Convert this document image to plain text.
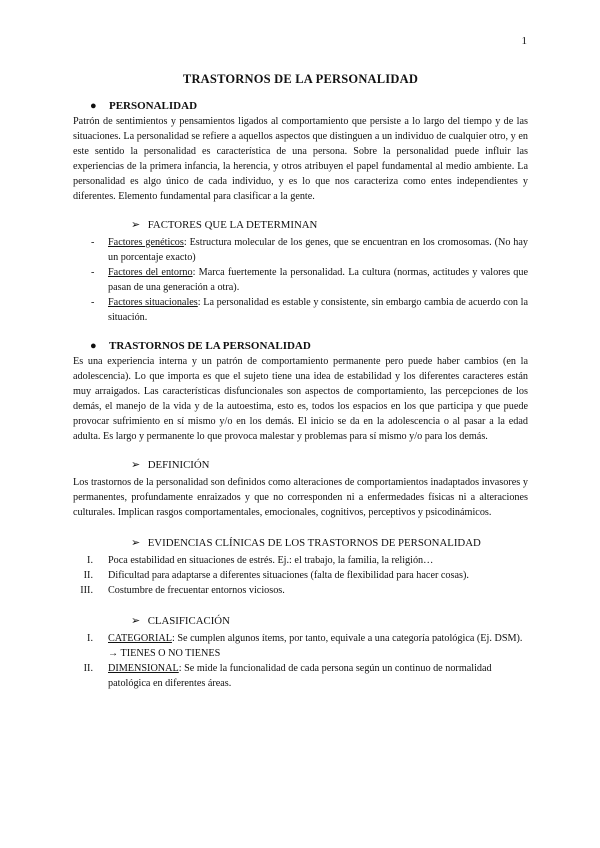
1
TRASTORNOS DE LA PERSONALIDAD
● PERSONALIDAD

Patrón de sentimientos y pensamientos ligados al comportamiento que persiste a lo largo del tiempo y de las situaciones. La personalidad se refiere a aquellos aspectos que distinguen a un individuo de cualquier otro, y en este sentido la personalidad es característica de una persona. Sobre la personalidad puede influir las experiencias de la primera infancia, la herencia, y otros atribuyen el papel fundamental al medio ambiente. La personalidad es algo único de cada individuo, y es lo que nos caracteriza como entes independientes y diferentes. Elemento fundamental para clasificar a la gente.

➢ FACTORES QUE LA DETERMINAN
- Factores genéticos: Estructura molecular de los genes, que se encuentran en los cromosomas. (No hay un porcentaje exacto)
- Factores del entorno: Marca fuertemente la personalidad. La cultura (normas, actitudes y valores que pasan de una generación a otra).
- Factores situacionales: La personalidad es estable y consistente, sin embargo cambia de acuerdo con la situación.
● TRASTORNOS DE LA PERSONALIDAD

Es una experiencia interna y un patrón de comportamiento permanente pero puede haber cambios (en la adolescencia). Lo que importa es que el sujeto tiene una idea de estabilidad y los diferentes caracteres están muy arraigados. Las características disfuncionales son aspectos de comportamiento, las percepciones de los demás, el manejo de la vida y de la autoestima, esto es, todos los espacios en los que participa y que puede provocar sufrimiento en sí mismo y/o en los demás. El inicio se da en la adolescencia o al pasar a la edad adulta. Es largo y permanente lo que provoca malestar y problemas para sí mismo y/o para los demás.

➢ DEFINICIÓN

Los trastornos de la personalidad son definidos como alteraciones de comportamientos inadaptados invasores y permanentes, profundamente enraizados y que no corresponden ni a enfermedades físicas ni a alteraciones culturales. Implican rasgos comportamentales, emocionales, cognitivos, perceptivos y psicodinámicos.

➢ EVIDENCIAS CLÍNICAS DE LOS TRASTORNOS DE PERSONALIDAD
I. Poca estabilidad en situaciones de estrés. Ej.: el trabajo, la familia, la religión…
II. Dificultad para adaptarse a diferentes situaciones (falta de flexibilidad para hacer cosas).
III. Costumbre de frecuentar entornos viciosos.
➢ CLASIFICACIÓN
I. CATEGORIAL: Se cumplen algunos ítems, por tanto, equivale a una categoría patológica (Ej. DSM). → TIENES O NO TIENES
II. DIMENSIONAL: Se mide la funcionalidad de cada persona según un continuo de normalidad patológica en diferentes áreas.
